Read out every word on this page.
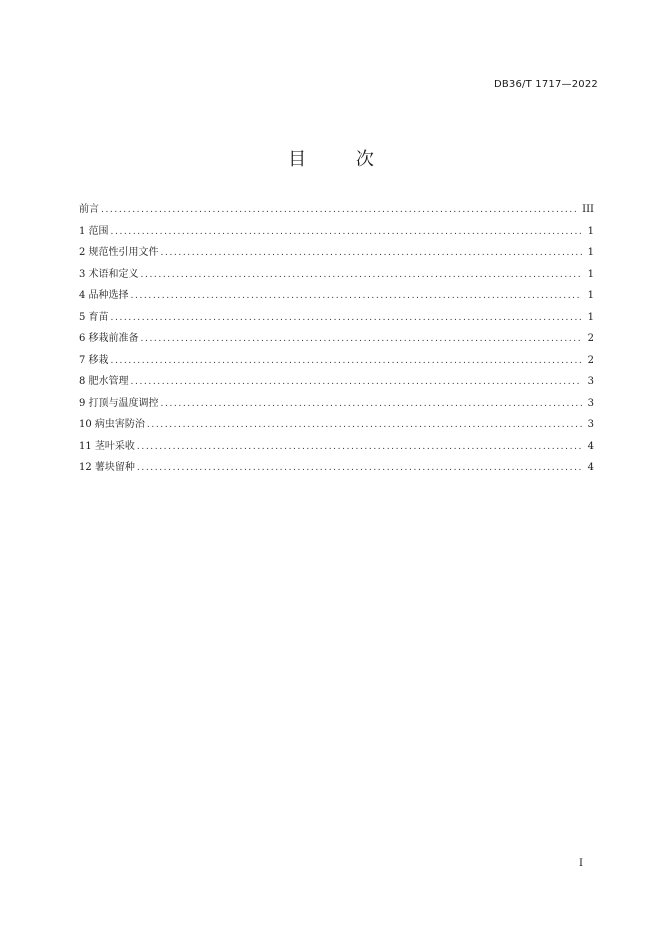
DB36/T 1717—2022
目 次
前言 .....	III
1 范围 .....	1
2 规范性引用文件 .....	1
3 术语和定义 .....	1
4 品种选择 .....	1
5 育苗 .....	1
6 移栽前准备 .....	2
7 移栽 .....	2
8 肥水管理 .....	3
9 打顶与温度调控 .....	3
10 病虫害防治 .....	3
11 茎叶采收 .....	4
12 薯块留种 .....	4
I
